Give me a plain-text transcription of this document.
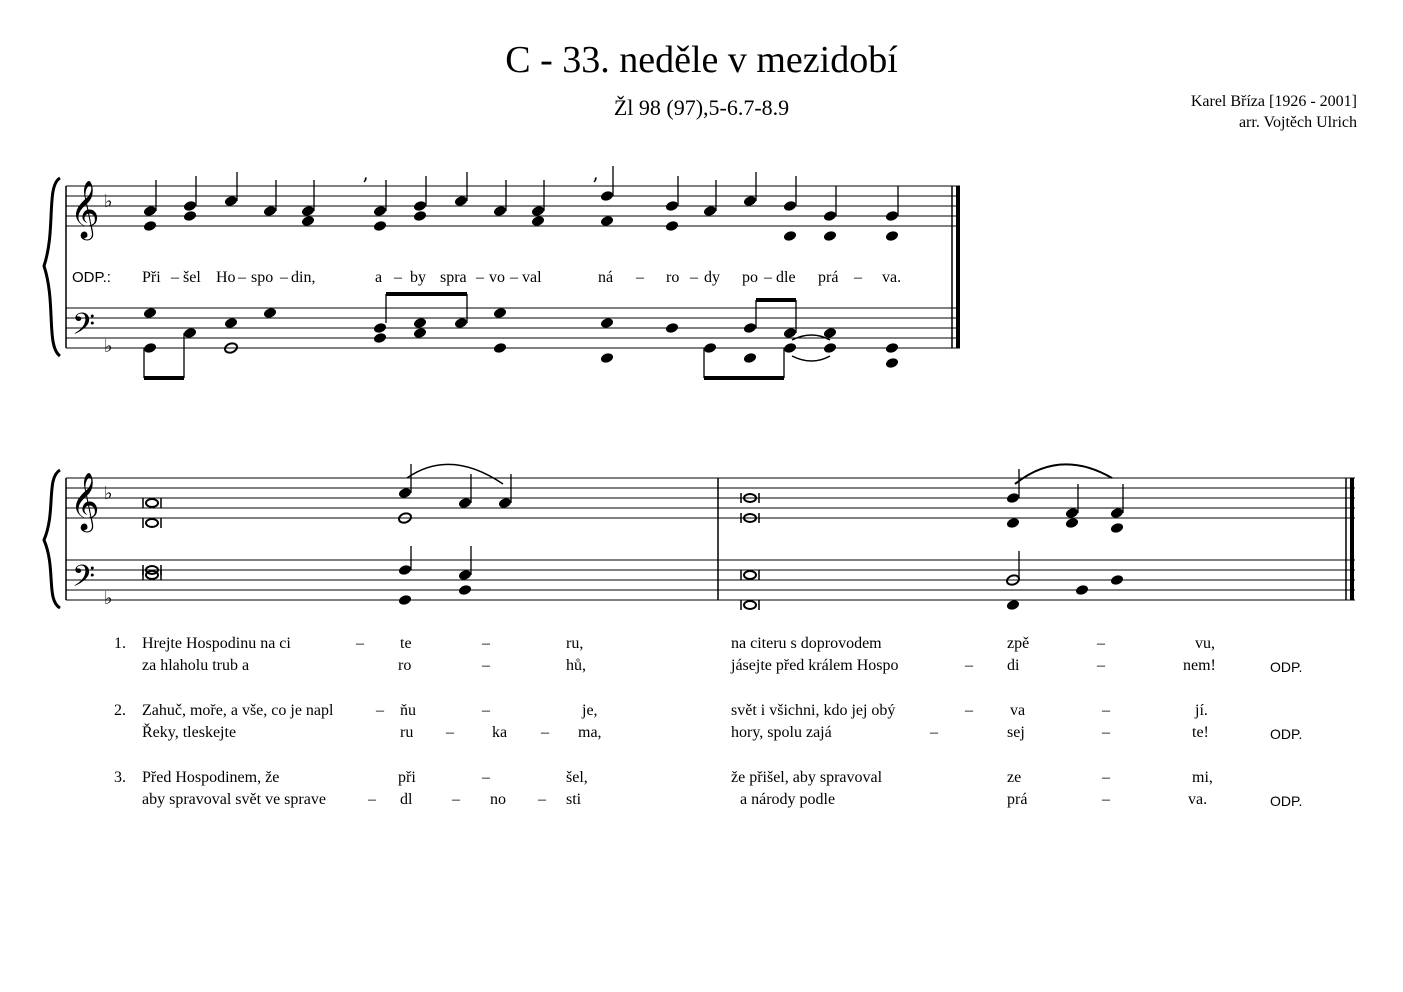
C - 33. neděle v mezidobí
Žl 98 (97),5-6.7-8.9	Karel Bříza [1926 - 2001]
arr. Vojtěch Ulrich
𝄞
𝄢
♭
♭
’	’
𝄞
𝄢
♭
♭
ODP.: Při – šel Ho – spo – din,	a – by spra – vo – val	ná – ro – dy po – dle prá – va.
1. Hrejte Hospodinu na ci	– te	–	ru,	na citeru s doprovodem	zpě	–	vu,
za hlaholu trub a	ro	–	hů,	jásejte před králem Hospo	– di	–	nem!	ODP.
2. Zahuč, moře, a vše, co je napl	– ňu	–	je,	svět i všichni, kdo jej obý	– va	–	jí.
Řeky, tleskejte	ru – ka – ma,	hory, spolu zajá	–	sej	–	te!	ODP.
3. Před Hospodinem, že	při	–	šel,	že přišel, aby spravoval	ze	–	mi,
aby spravoval svět ve sprave	– dl – no – sti	a národy podle	prá	–	va.	ODP.
